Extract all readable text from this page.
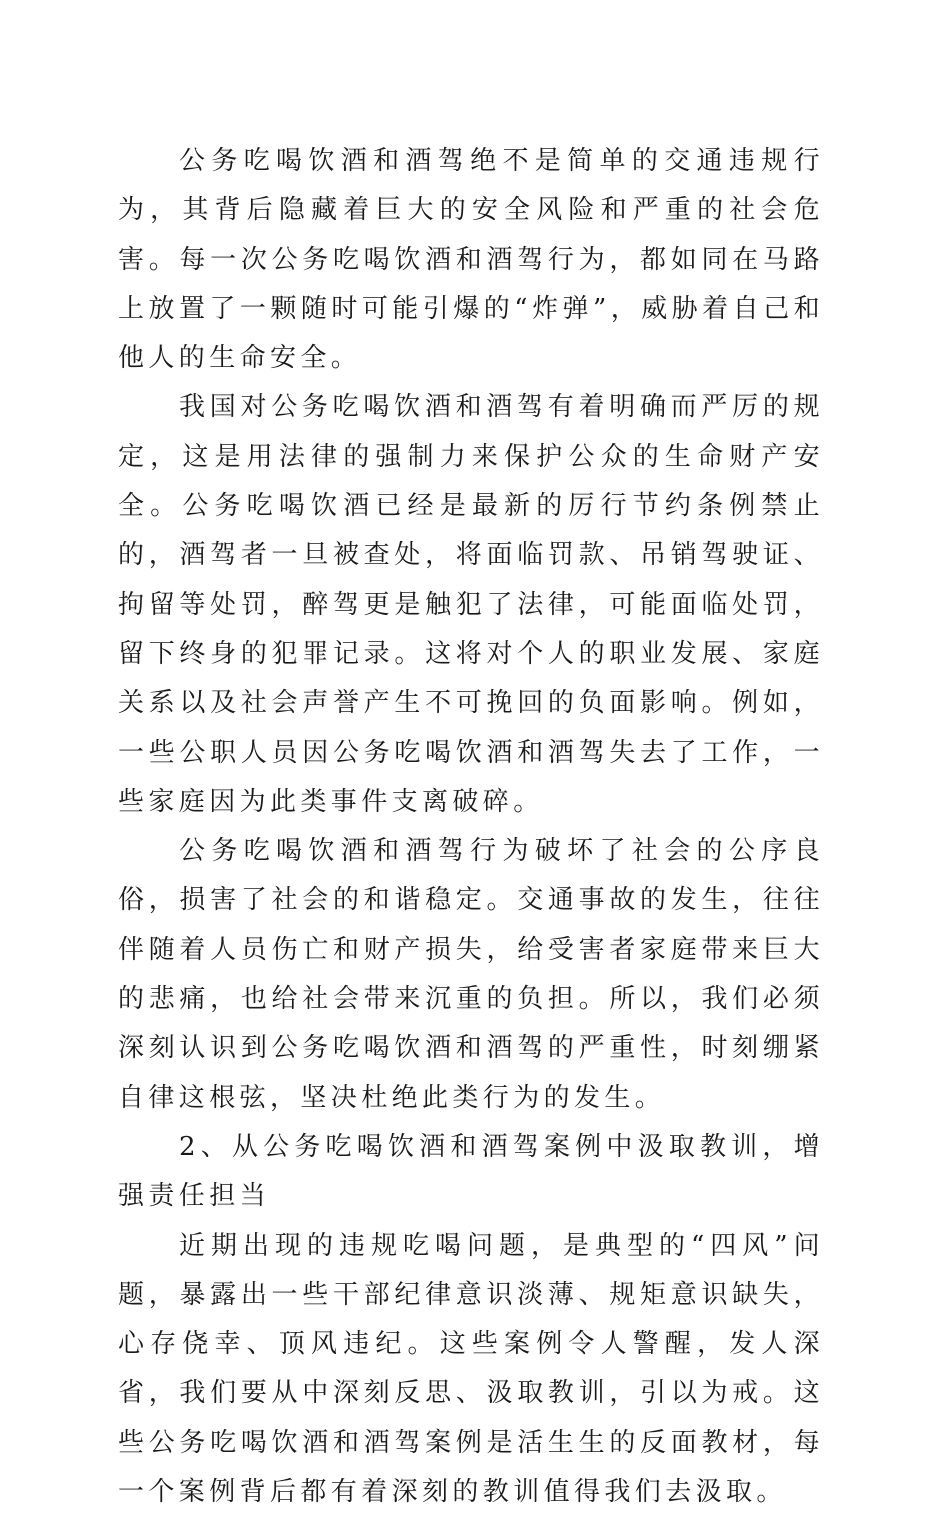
公务吃喝饮酒和酒驾绝不是简单的交通违规行为，其背后隐藏着巨大的安全风险和严重的社会危害。每一次公务吃喝饮酒和酒驾行为，都如同在马路上放置了一颗随时可能引爆的“炸弹”，威胁着自己和他人的生命安全。

我国对公务吃喝饮酒和酒驾有着明确而严厉的规定，这是用法律的强制力来保护公众的生命财产安全。公务吃喝饮酒已经是最新的厉行节约条例禁止的，酒驾者一旦被查处，将面临罚款、吊销驾驶证、拘留等处罚，醉驾更是触犯了法律，可能面临处罚，留下终身的犯罪记录。这将对个人的职业发展、家庭关系以及社会声誉产生不可挽回的负面影响。例如，一些公职人员因公务吃喝饮酒和酒驾失去了工作，一些家庭因为此类事件支离破碎。

公务吃喝饮酒和酒驾行为破坏了社会的公序良俗，损害了社会的和谐稳定。交通事故的发生，往往伴随着人员伤亡和财产损失，给受害者家庭带来巨大的悲痛，也给社会带来沉重的负担。所以，我们必须深刻认识到公务吃喝饮酒和酒驾的严重性，时刻绷紧自律这根弦，坚决杜绝此类行为的发生。

2、从公务吃喝饮酒和酒驾案例中汲取教训，增强责任担当

近期出现的违规吃喝问题，是典型的“四风”问题，暴露出一些干部纪律意识淡薄、规矩意识缺失，心存侥幸、顶风违纪。这些案例令人警醒，发人深省，我们要从中深刻反思、汲取教训，引以为戒。这些公务吃喝饮酒和酒驾案例是活生生的反面教材，每一个案例背后都有着深刻的教训值得我们去汲取。
